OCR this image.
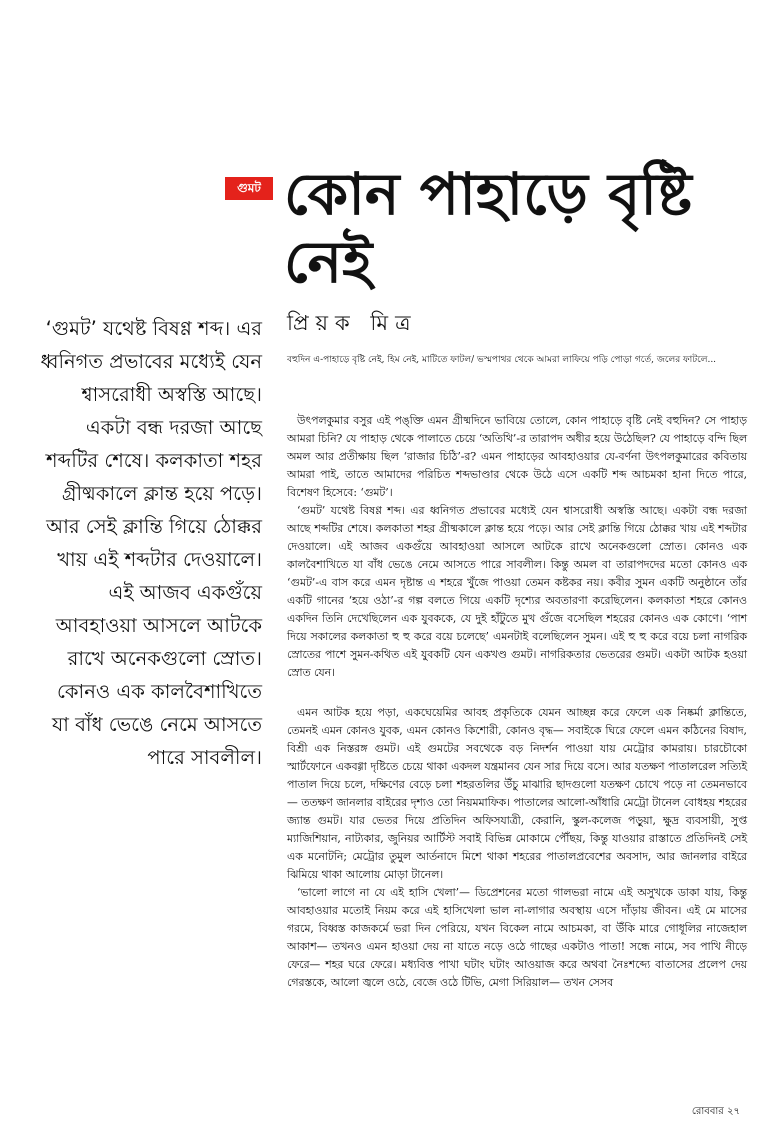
গুমট কোন পাহাড়ে বৃষ্টি নেই
প্রিয়ক মিত্র
‘গুমট’ যথেষ্ট বিষণ্ণ শব্দ। এর ধ্বনিগত প্রভাবের মধ্যেই যেন শ্বাসরোধী অস্বস্তি আছে। একটা বন্ধ দরজা আছে শব্দটির শেষে। কলকাতা শহর গ্রীষ্মকালে ক্লান্ত হয়ে পড়ে। আর সেই ক্লান্তি গিয়ে ঠোক্কর খায় এই শব্দটার দেওয়ালে। এই আজব একগুঁয়ে আবহাওয়া আসলে আটকে রাখে অনেকগুলো স্রোত। কোনও এক কালবৈশাখিতে যা বাঁধ ভেঙে নেমে আসতে পারে সাবলীল।
বহুদিন এ-পাহাড়ে বৃষ্টি নেই, হিম নেই, মাটিতে ফাটল/ ভস্মপাথর থেকে আমরা লাফিয়ে পড়ি পোড়া গর্তে, জলের ফাটলে...

উৎপলকুমার বসুর এই পঙ্‌ক্তি এমন গ্রীষ্মদিনে ভাবিয়ে তোলে, কোন পাহাড়ে বৃষ্টি নেই বহুদিন? সে পাহাড় আমরা চিনি? যে পাহাড় থেকে পালাতে চেয়ে ‘অতিথি’-র তারাপদ অধীর হয়ে উঠেছিল? যে পাহাড়ে বন্দি ছিল অমল আর প্রতীক্ষায় ছিল ‘রাজার চিঠি’-র? এমন পাহাড়ের আবহাওয়ার যে-বর্ণনা উৎপলকুমারের কবিতায় আমরা পাই, তাতে আমাদের পরিচিত শব্দভাণ্ডার থেকে উঠে এসে একটি শব্দ আচমকা হানা দিতে পারে, বিশেষণ হিসেবে: ‘গুমট’।

‘গুমট’ যথেষ্ট বিষণ্ণ শব্দ। এর ধ্বনিগত প্রভাবের মধ্যেই যেন শ্বাসরোধী অস্বস্তি আছে। একটা বন্ধ দরজা আছে শব্দটির শেষে। কলকাতা শহর গ্রীষ্মকালে ক্লান্ত হয়ে পড়ে। আর সেই ক্লান্তি গিয়ে ঠোক্কর খায় এই শব্দটার দেওয়ালে। এই আজব একগুঁয়ে আবহাওয়া আসলে আটকে রাখে অনেকগুলো স্রোত। কোনও এক কালবৈশাখিতে যা বাঁধ ভেঙে নেমে আসতে পারে সাবলীল। কিন্তু অমল বা তারাপদদের মতো কোনও এক ‘গুমট’-এ বাস করে এমন দৃষ্টান্ত এ শহরে খুঁজে পাওয়া তেমন কষ্টকর নয়। কবীর সুমন একটি অনুষ্ঠানে তাঁর একটি গানের ‘হয়ে ওঠা’-র গল্প বলতে গিয়ে একটি দৃশ্যের অবতারণা করেছিলেন। কলকাতা শহরে কোনও একদিন তিনি দেখেছিলেন এক যুবককে, যে দুই হাঁটুতে মুখ গুঁজে বসেছিল শহরের কোনও এক কোণে। ‘পাশ দিয়ে সকালের কলকাতা হু হু করে বয়ে চলেছে’ এমনটাই বলেছিলেন সুমন। এই হু হু করে বয়ে চলা নাগরিক স্রোতের পাশে সুমন-কথিত এই যুবকটি যেন একখণ্ড গুমট। নাগরিকতার ভেতরের গুমট। একটা আটক হওয়া স্রোত যেন।

এমন আটক হয়ে পড়া, একঘেয়েমির আবহ প্রকৃতিকে যেমন আচ্ছন্ন করে ফেলে এক নিষ্কর্মা ক্লান্তিতে, তেমনই এমন কোনও যুবক, এমন কোনও কিশোরী, কোনও বৃদ্ধ— সবাইকে ঘিরে ফেলে এমন কঠিনের বিষাদ, বিশ্রী এক নিস্তরঙ্গ গুমট। এই গুমটের সবথেকে বড় নিদর্শন পাওয়া যায় মেট্রোর কামরায়। চারচৌকো স্মার্টফোনে একবগ্গা দৃষ্টিতে চেয়ে থাকা একদল যন্ত্রমানব যেন সার দিয়ে বসে। আর যতক্ষণ পাতালরেল সত্যিই পাতাল দিয়ে চলে, দক্ষিণের বেড়ে চলা শহরতলির উঁচু মাঝারি ছাদগুলো যতক্ষণ চোখে পড়ে না তেমনভাবে— ততক্ষণ জানলার বাইরের দৃশ্যও তো নিয়মমাফিক। পাতালের আলো-আঁধারি মেট্রো টানেল বোধহয় শহরের জ্যান্ত গুমট। যার ভেতর দিয়ে প্রতিদিন অফিসযাত্রী, কেরানি, স্কুল-কলেজ পড়ুয়া, ক্ষুদ্র ব্যবসায়ী, সুপ্ত ম্যাজিশিয়ান, নাট্যকার, জুনিয়র আর্টিস্ট সবাই বিভিন্ন মোকামে পৌঁছয়, কিন্তু যাওয়ার রাস্তাতে প্রতিদিনই সেই এক মনোটনি; মেট্রোর তুমুল আর্তনাদে মিশে থাকা শহরের পাতালপ্রবেশের অবসাদ, আর জানলার বাইরে ঝিমিয়ে থাকা আলোয় মোড়া টানেল।

‘ভালো লাগে না যে এই হাসি খেলা’— ডিপ্রেশনের মতো গালভরা নামে এই অসুখকে ডাকা যায়, কিন্তু আবহাওয়ার মতোই নিয়ম করে এই হাসিখেলা ভাল না-লাগার অবস্থায় এসে দাঁড়ায় জীবন। এই মে মাসের গরমে, বিধ্বস্ত কাজকর্মে ভরা দিন পেরিয়ে, যখন বিকেল নামে আচমকা, বা উঁকি মারে গোধূলির নাজেহাল আকাশ— তখনও এমন হাওয়া দেয় না যাতে নড়ে ওঠে গাছের একটাও পাতা! সন্ধে নামে, সব পাখি নীড়ে ফেরে— শহর ঘরে ফেরে। মধ্যবিত্ত পাখা ঘটাং ঘটাং আওয়াজ করে অথবা নৈঃশব্দ্যে বাতাসের প্রলেপ দেয় গেরস্তকে, আলো জ্বলে ওঠে, বেজে ওঠে টিভি, মেগা সিরিয়াল— তখন সেসব

রোববার ২৭
